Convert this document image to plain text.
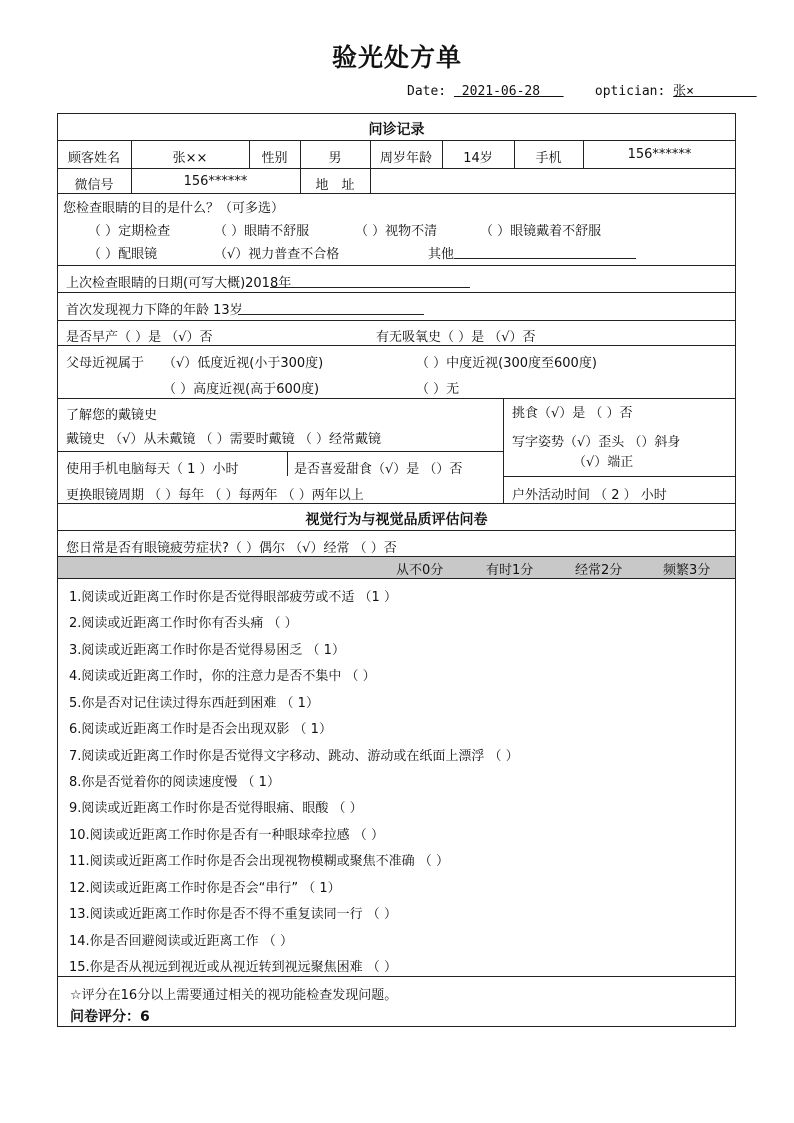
验光处方单
Date: 2021-06-28	optician: 张×
问诊记录
顾客姓名	张××	性别	男	周岁年龄	14岁	手机	156******
微信号	156******	地　址
您检查眼睛的目的是什么？（可多选）
（ ）定期检查	（ ）眼睛不舒服	（ ）视物不清	（ ）眼镜戴着不舒服
（ ）配眼镜	（√）视力普查不合格	其他
上次检查眼睛的日期(可写大概)2018年
首次发现视力下降的年龄 13岁
是否早产（ ）是 （√）否	有无吸氧史（ ）是 （√）否
父母近视属于 （√）低度近视(小于300度)	（ ）中度近视(300度至600度)
（ ）高度近视(高于600度)	（ ）无
了解您的戴镜史
戴镜史 （√）从未戴镜 （ ）需要时戴镜 （ ）经常戴镜
挑食（√）是 （ ）否
写字姿势（√）歪头 （）斜身
（√）端正
使用手机电脑每天（ 1 ）小时	是否喜爱甜食（√）是 （）否
更换眼镜周期 （ ）每年 （ ）每两年 （ ）两年以上	户外活动时间 （ 2 ） 小时
视觉行为与视觉品质评估问卷
您日常是否有眼镜疲劳症状?（ ）偶尔 （√）经常 （ ）否
从不0分	有时1分	经常2分	频繁3分
1.阅读或近距离工作时你是否觉得眼部疲劳或不适 （1 ）
2.阅读或近距离工作时你有否头痛 （ ）
3.阅读或近距离工作时你是否觉得易困乏 （ 1）
4.阅读或近距离工作时，你的注意力是否不集中 （ ）
5.你是否对记住读过得东西赶到困难 （ 1）
6.阅读或近距离工作时是否会出现双影 （ 1）
7.阅读或近距离工作时你是否觉得文字移动、跳动、游动或在纸面上漂浮 （ ）
8.你是否觉着你的阅读速度慢 （ 1）
9.阅读或近距离工作时你是否觉得眼痛、眼酸 （ ）
10.阅读或近距离工作时你是否有一种眼球牵拉感 （ ）
11.阅读或近距离工作时你是否会出现视物模糊或聚焦不准确 （ ）
12.阅读或近距离工作时你是否会“串行” （ 1）
13.阅读或近距离工作时你是否不得不重复读同一行 （ ）
14.你是否回避阅读或近距离工作 （ ）
15.你是否从视远到视近或从视近转到视远聚焦困难 （ ）
☆评分在16分以上需要通过相关的视功能检查发现问题。
问卷评分：6
